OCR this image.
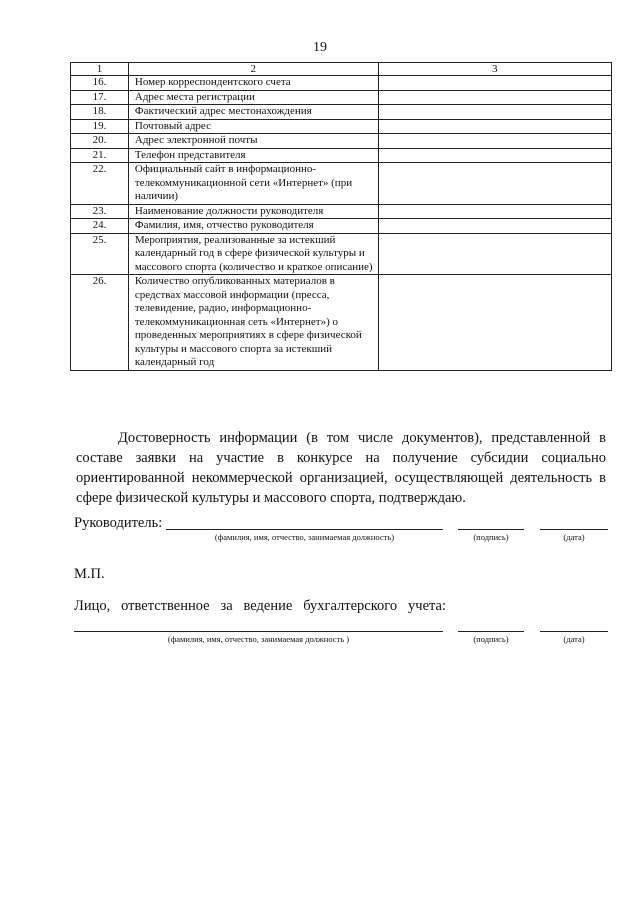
19
1	2	3
16.	Номер корреспондентского счета	
17.	Адрес места регистрации	
18.	Фактический адрес местонахождения	
19.	Почтовый адрес	
20.	Адрес электронной почты	
21.	Телефон представителя	
22.	Официальный сайт в информационно-телекоммуникационной сети «Интернет» (при наличии)	
23.	Наименование должности руководителя	
24.	Фамилия, имя, отчество руководителя	
25.	Мероприятия, реализованные за истекший календарный год в сфере физической культуры и массового спорта (количество и краткое описание)	
26.	Количество опубликованных материалов в средствах массовой информации (пресса, телевидение, радио, информационно-телекоммуникационная сеть «Интернет») о проведенных мероприятиях в сфере физической культуры и массового спорта за истекший календарный год	
Достоверность информации (в том числе документов), представленной в составе заявки на участие в конкурсе на получение субсидии социально ориентированной некоммерческой организацией, осуществляющей деятельность в сфере физической культуры и массового спорта, подтверждаю.
Руководитель:
(фамилия, имя, отчество, занимаемая должность)	(подпись)	(дата)
М.П.
Лицо, ответственное за ведение бухгалтерского учета:
(фамилия, имя, отчество, занимаемая должность )	(подпись)	(дата)
